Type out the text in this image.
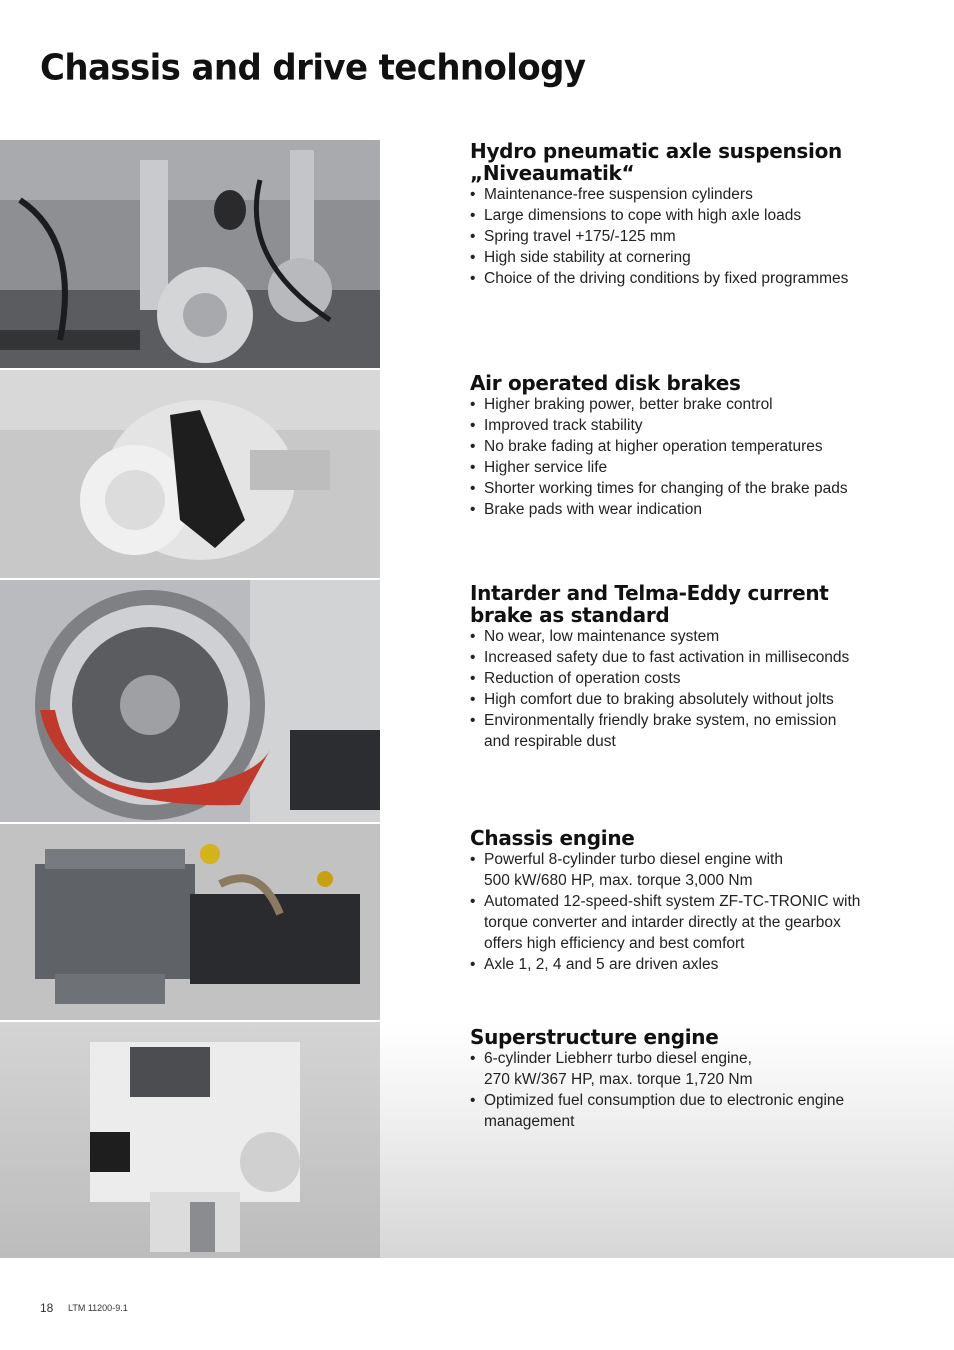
Chassis and drive technology
Hydro pneumatic axle suspension
„Niveaumatik“
• Maintenance-free suspension cylinders
• Large dimensions to cope with high axle loads
• Spring travel +175/-125 mm
• High side stability at cornering
• Choice of the driving conditions by fixed programmes
Air operated disk brakes
• Higher braking power, better brake control
• Improved track stability
• No brake fading at higher operation temperatures
• Higher service life
• Shorter working times for changing of the brake pads
• Brake pads with wear indication
Intarder and Telma-Eddy current
brake as standard
• No wear, low maintenance system
• Increased safety due to fast activation in milliseconds
• Reduction of operation costs
• High comfort due to braking absolutely without jolts
• Environmentally friendly brake system, no emission
and respirable dust
Chassis engine
• Powerful 8-cylinder turbo diesel engine with
500 kW/680 HP, max. torque 3,000 Nm
• Automated 12-speed-shift system ZF-TC-TRONIC with
torque converter and intarder directly at the gearbox
offers high efficiency and best comfort
• Axle 1, 2, 4 and 5 are driven axles
Superstructure engine
• 6-cylinder Liebherr turbo diesel engine,
270 kW/367 HP, max. torque 1,720 Nm
• Optimized fuel consumption due to electronic engine
management
18 LTM 11200-9.1
